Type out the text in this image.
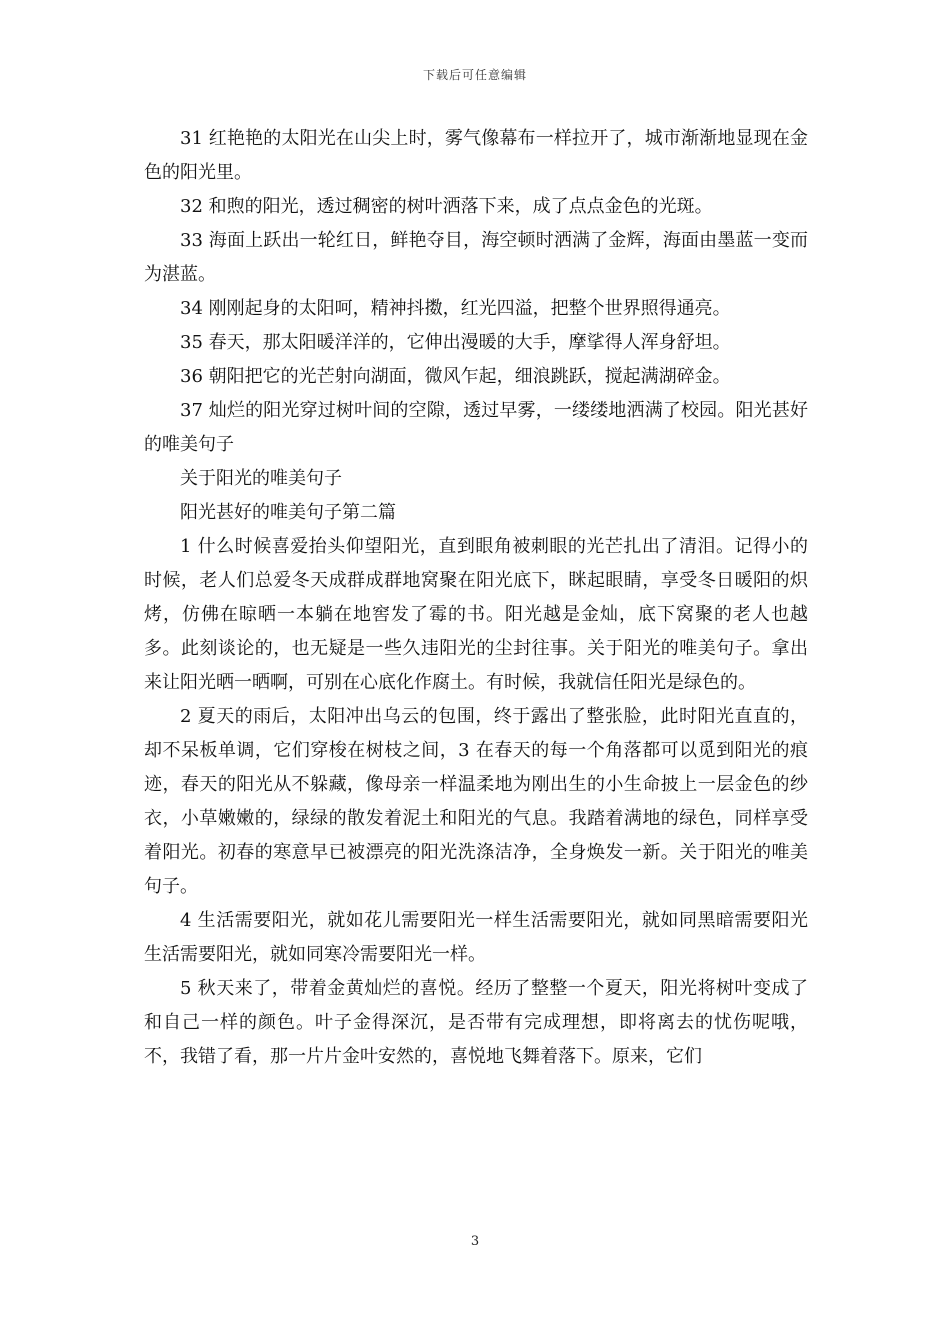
下载后可任意编辑

31 红艳艳的太阳光在山尖上时，雾气像幕布一样拉开了，城市渐渐地显现在金色的阳光里。

32 和煦的阳光，透过稠密的树叶洒落下来，成了点点金色的光斑。

33 海面上跃出一轮红日，鲜艳夺目，海空顿时洒满了金辉，海面由墨蓝一变而为湛蓝。

34 刚刚起身的太阳呵，精神抖擞，红光四溢，把整个世界照得通亮。

35 春天，那太阳暖洋洋的，它伸出漫暖的大手，摩挲得人浑身舒坦。

36 朝阳把它的光芒射向湖面，微风乍起，细浪跳跃，搅起满湖碎金。

37 灿烂的阳光穿过树叶间的空隙，透过早雾，一缕缕地洒满了校园。阳光甚好的唯美句子

关于阳光的唯美句子

阳光甚好的唯美句子第二篇

1 什么时候喜爱抬头仰望阳光，直到眼角被刺眼的光芒扎出了清泪。记得小的时候，老人们总爱冬天成群成群地窝聚在阳光底下，眯起眼睛，享受冬日暖阳的炽烤，仿佛在晾晒一本躺在地窖发了霉的书。阳光越是金灿，底下窝聚的老人也越多。此刻谈论的，也无疑是一些久违阳光的尘封往事。关于阳光的唯美句子。拿出来让阳光晒一晒啊，可别在心底化作腐土。有时候，我就信任阳光是绿色的。

2 夏天的雨后，太阳冲出乌云的包围，终于露出了整张脸，此时阳光直直的，却不呆板单调，它们穿梭在树枝之间，3 在春天的每一个角落都可以觅到阳光的痕迹，春天的阳光从不躲藏，像母亲一样温柔地为刚出生的小生命披上一层金色的纱衣，小草嫩嫩的，绿绿的散发着泥土和阳光的气息。我踏着满地的绿色，同样享受着阳光。初春的寒意早已被漂亮的阳光洗涤洁净，全身焕发一新。关于阳光的唯美句子。

4 生活需要阳光，就如花儿需要阳光一样生活需要阳光，就如同黑暗需要阳光生活需要阳光，就如同寒冷需要阳光一样。

5 秋天来了，带着金黄灿烂的喜悦。经历了整整一个夏天，阳光将树叶变成了和自己一样的颜色。叶子金得深沉，是否带有完成理想，即将离去的忧伤呢哦，不，我错了看，那一片片金叶安然的，喜悦地飞舞着落下。原来，它们

3
